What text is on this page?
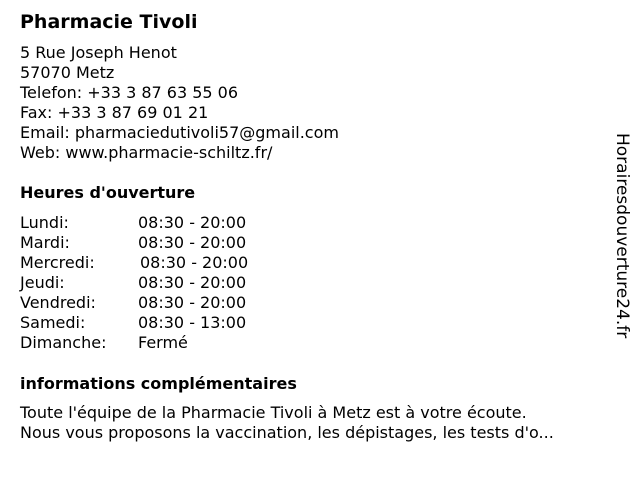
Pharmacie Tivoli
5 Rue Joseph Henot
57070 Metz
Telefon: +33 3 87 63 55 06
Fax: +33 3 87 69 01 21
Email: pharmaciedutivoli57@gmail.com
Web: www.pharmacie-schiltz.fr/
Heures d'ouverture
Lundi:	08:30 - 20:00
Mardi:	08:30 - 20:00
Mercredi:	08:30 - 20:00
Jeudi:	08:30 - 20:00
Vendredi:	08:30 - 20:00
Samedi:	08:30 - 13:00
Dimanche: Fermé
informations complémentaires
Toute l'équipe de la Pharmacie Tivoli à Metz est à votre écoute.
Nous vous proposons la vaccination, les dépistages, les tests d'o...
Horairesdouverture24.fr
